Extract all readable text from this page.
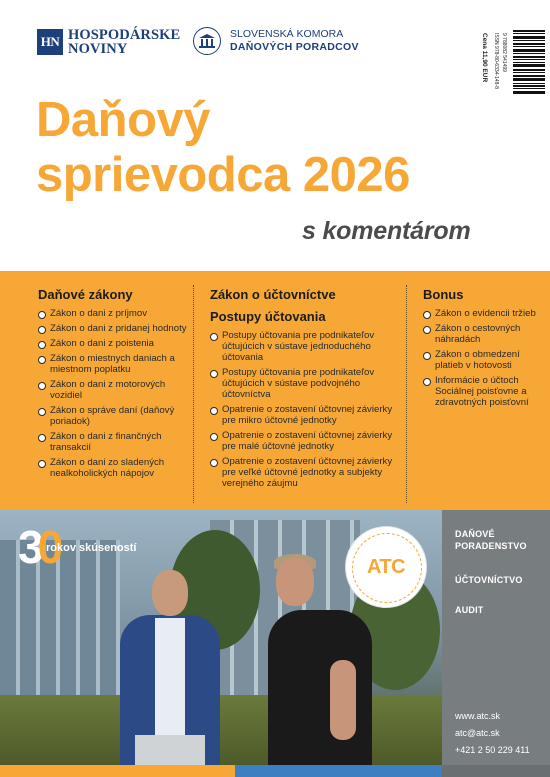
HN HOSPODÁRSKE
NOVINY
SLOVENSKÁ KOMORA
DAŇOVÝCH PORADCOV	Cena 11,90 EUR ISSN 978-80-6334-148-8 9 788082 541499
Daňový
sprievodca 2026
s komentárom
Daňové zákony
Zákon o dani z príjmov
Zákon o dani z pridanej hodnoty
Zákon o dani z poistenia
Zákon o miestnych daniach a miestnom poplatku
Zákon o dani z motorových vozidiel
Zákon o správe daní (daňový poriadok)
Zákon o dani z finančných transakcií
Zákon o dani zo sladených nealkoholických nápojov
Zákon o účtovníctve
Postupy účtovania
Postupy účtovania pre podnikateľov účtujúcich v sústave jednoduchého účtovania
Postupy účtovania pre podnikateľov účtujúcich v sústave podvojného účtovníctva
Opatrenie o zostavení účtovnej závierky pre mikro účtovné jednotky
Opatrenie o zostavení účtovnej závierky pre malé účtovné jednotky
Opatrenie o zostavení účtovnej závierky pre veľké účtovné jednotky a subjekty verejného záujmu
Bonus
Zákon o evidencii tržieb
Zákon o cestovných náhradách
Zákon o obmedzení platieb v hotovosti
Informácie o účtoch Sociálnej poisťovne a zdravotných poisťovní
30
rokov skúseností
ATC
DAŇOVÉ PORADENSTVO
ÚČTOVNÍCTVO
AUDIT
www.atc.sk
atc@atc.sk
+421 2 50 229 411
